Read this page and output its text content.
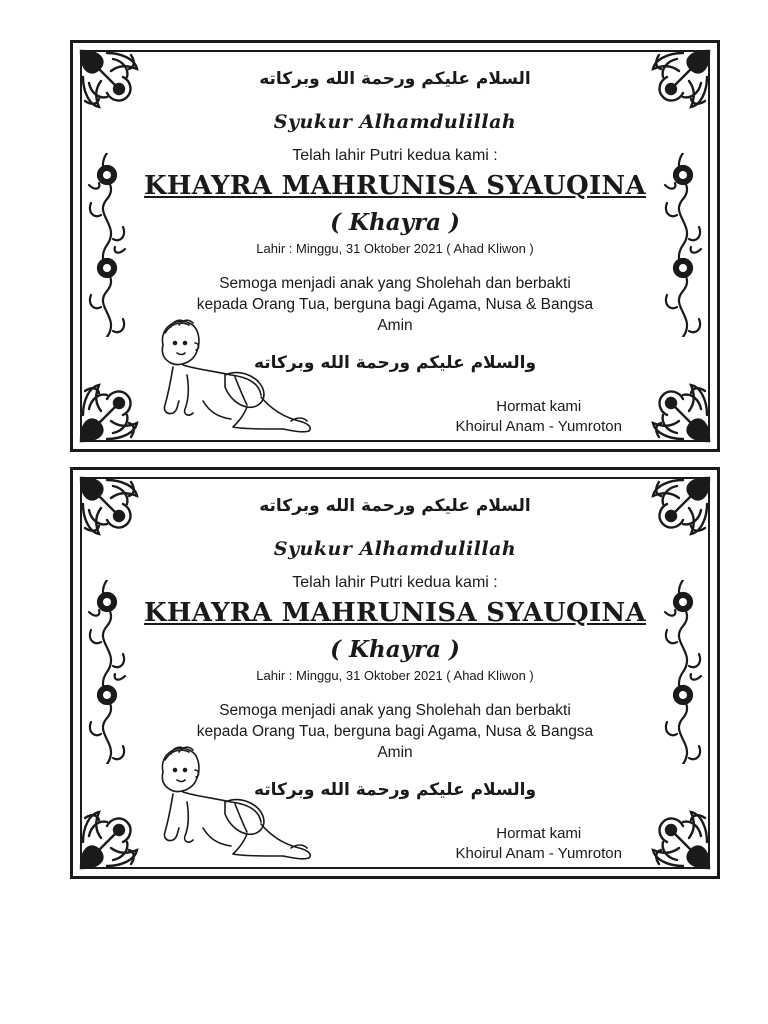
السلام عليكم ورحمة الله وبركاته
Syukur Alhamdulillah
Telah lahir Putri kedua kami :
KHAYRA MAHRUNISA SYAUQINA
( Khayra )
Lahir : Minggu, 31 Oktober 2021 ( Ahad Kliwon )
Semoga menjadi anak yang Sholehah dan berbakti
kepada Orang Tua, berguna bagi Agama, Nusa & Bangsa
Amin
والسلام عليكم ورحمة الله وبركاته
Hormat kami
Khoirul Anam - Yumroton
السلام عليكم ورحمة الله وبركاته
Syukur Alhamdulillah
Telah lahir Putri kedua kami :
KHAYRA MAHRUNISA SYAUQINA
( Khayra )
Lahir : Minggu, 31 Oktober 2021 ( Ahad Kliwon )
Semoga menjadi anak yang Sholehah dan berbakti
kepada Orang Tua, berguna bagi Agama, Nusa & Bangsa
Amin
والسلام عليكم ورحمة الله وبركاته
Hormat kami
Khoirul Anam - Yumroton
